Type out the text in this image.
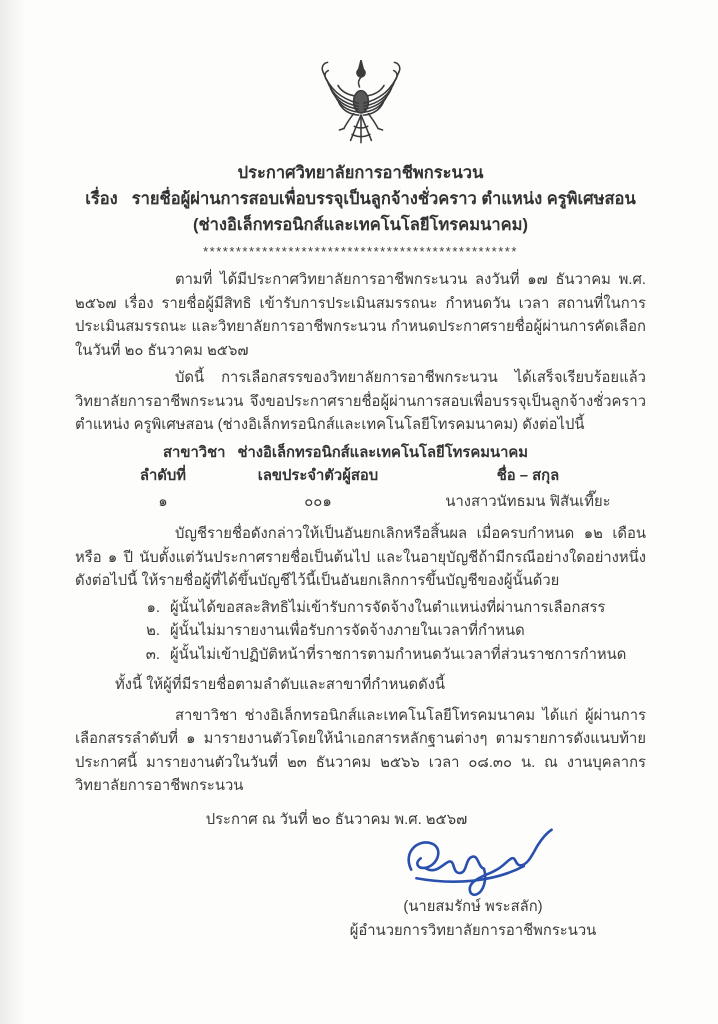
ประกาศวิทยาลัยการอาชีพกระนวน
เรื่อง รายชื่อผู้ผ่านการสอบเพื่อบรรจุเป็นลูกจ้างชั่วคราว ตำแหน่ง ครูพิเศษสอน
(ช่างอิเล็กทรอนิกส์และเทคโนโลยีโทรคมนาคม)
************************************************

ตามที่ ได้มีประกาศวิทยาลัยการอาชีพกระนวน ลงวันที่ ๑๗ ธันวาคม พ.ศ. ๒๕๖๗ เรื่อง รายชื่อผู้มีสิทธิ เข้ารับการประเมินสมรรถนะ กำหนดวัน เวลา สถานที่ในการประเมินสมรรถนะ และวิทยาลัยการอาชีพกระนวน กำหนดประกาศรายชื่อผู้ผ่านการคัดเลือก ในวันที่ ๒๐ ธันวาคม ๒๕๖๗

บัดนี้ การเลือกสรรของวิทยาลัยการอาชีพกระนวน ได้เสร็จเรียบร้อยแล้ว วิทยาลัยการอาชีพกระนวน จึงขอประกาศรายชื่อผู้ผ่านการสอบเพื่อบรรจุเป็นลูกจ้างชั่วคราว ตำแหน่ง ครูพิเศษสอน (ช่างอิเล็กทรอนิกส์และเทคโนโลยีโทรคมนาคม) ดังต่อไปนี้

สาขาวิชา ช่างอิเล็กทรอนิกส์และเทคโนโลยีโทรคมนาคม
ลำดับที่	เลขประจำตัวผู้สอบ	ชื่อ – สกุล
๑	๐๐๑	นางสาวนัทธมน ฟิสันเที๊ยะ

บัญชีรายชื่อดังกล่าวให้เป็นอันยกเลิกหรือสิ้นผล เมื่อครบกำหนด ๑๒ เดือน หรือ ๑ ปี นับตั้งแต่วันประกาศรายชื่อเป็นต้นไป และในอายุบัญชีถ้ามีกรณีอย่างใดอย่างหนึ่งดังต่อไปนี้ ให้รายชื่อผู้ที่ได้ขึ้นบัญชีไว้นี้เป็นอันยกเลิกการขึ้นบัญชีของผู้นั้นด้วย

๑. ผู้นั้นได้ขอสละสิทธิไม่เข้ารับการจัดจ้างในตำแหน่งที่ผ่านการเลือกสรร
๒. ผู้นั้นไม่มารายงานเพื่อรับการจัดจ้างภายในเวลาที่กำหนด
๓. ผู้นั้นไม่เข้าปฏิบัติหน้าที่ราชการตามกำหนดวันเวลาที่ส่วนราชการกำหนด
ทั้งนี้ ให้ผู้ที่มีรายชื่อตามลำดับและสาขาที่กำหนดดังนี้

สาขาวิชา ช่างอิเล็กทรอนิกส์และเทคโนโลยีโทรคมนาคม ได้แก่ ผู้ผ่านการเลือกสรรลำดับที่ ๑ มารายงานตัวโดยให้นำเอกสารหลักฐานต่างๆ ตามรายการดังแนบท้ายประกาศนี้ มารายงานตัวในวันที่ ๒๓ ธันวาคม ๒๕๖๖ เวลา ๐๘.๓๐ น. ณ งานบุคลากร วิทยาลัยการอาชีพกระนวน

ประกาศ ณ วันที่ ๒๐ ธันวาคม พ.ศ. ๒๕๖๗
(นายสมรักษ์ พระสลัก)
ผู้อำนวยการวิทยาลัยการอาชีพกระนวน
